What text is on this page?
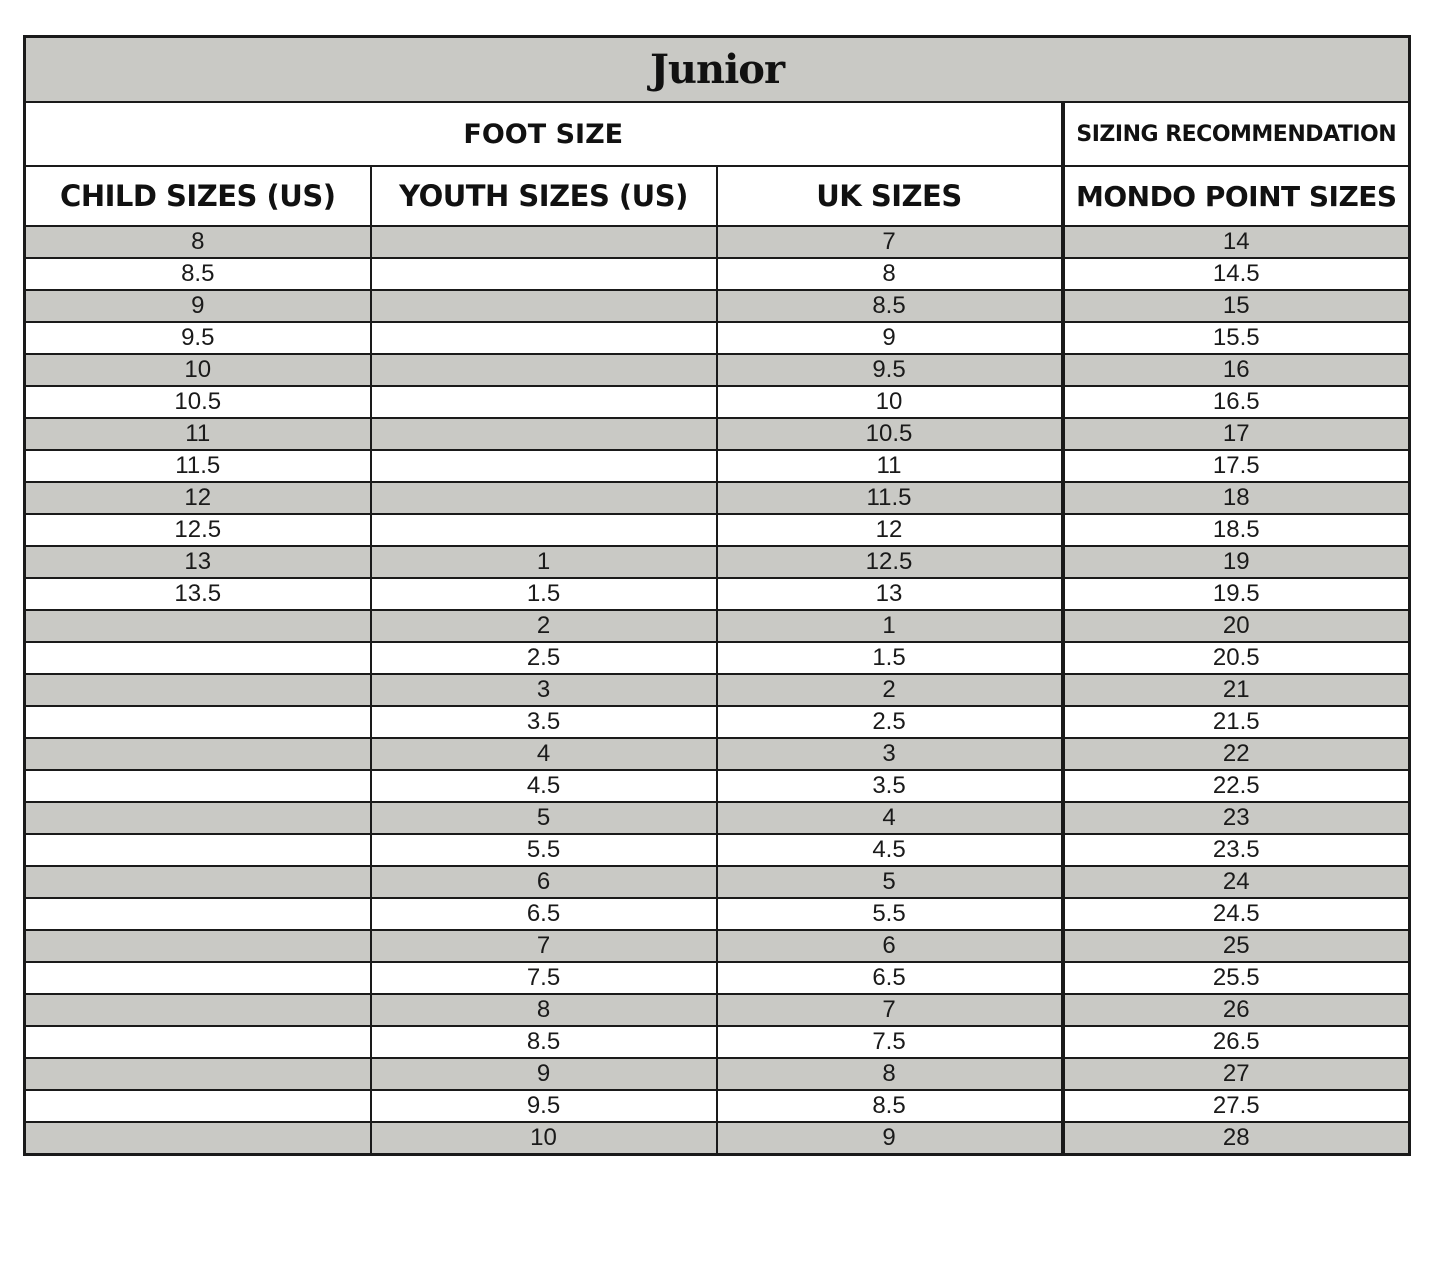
Junior			
FOOT SIZE			SIZING RECOMMENDATION
CHILD SIZES (US)	YOUTH SIZES (US)	UK SIZES	MONDO POINT SIZES
8		7	14
8.5		8	14.5
9		8.5	15
9.5		9	15.5
10		9.5	16
10.5		10	16.5
11		10.5	17
11.5		11	17.5
12		11.5	18
12.5		12	18.5
13	1	12.5	19
13.5	1.5	13	19.5
	2	1	20
	2.5	1.5	20.5
	3	2	21
	3.5	2.5	21.5
	4	3	22
	4.5	3.5	22.5
	5	4	23
	5.5	4.5	23.5
	6	5	24
	6.5	5.5	24.5
	7	6	25
	7.5	6.5	25.5
	8	7	26
	8.5	7.5	26.5
	9	8	27
	9.5	8.5	27.5
	10	9	28
